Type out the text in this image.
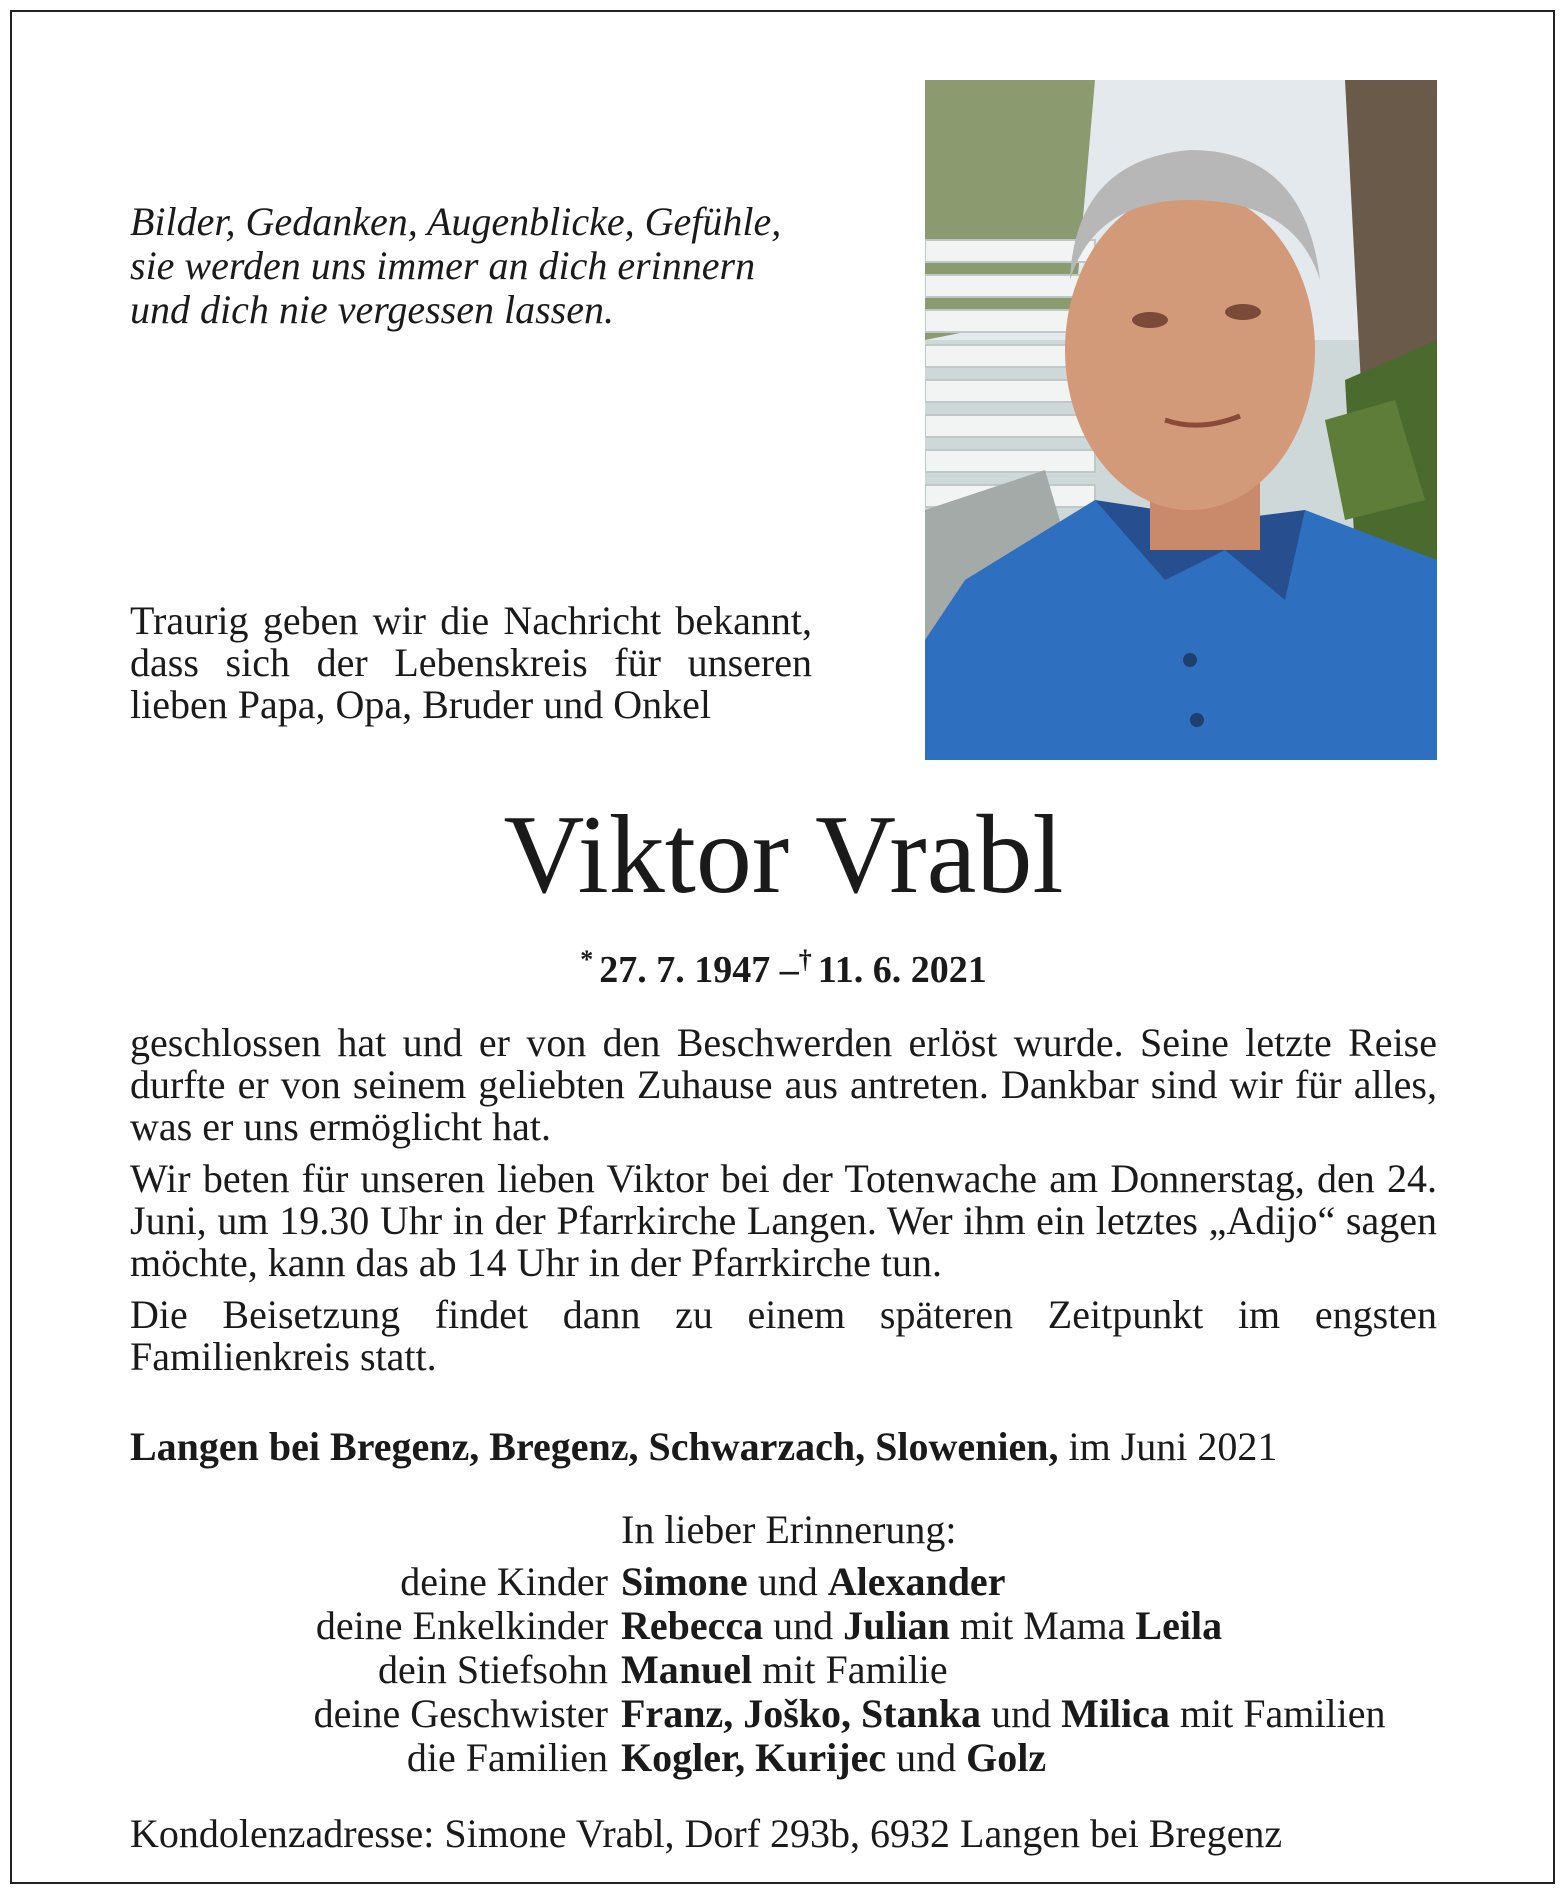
Bilder, Gedanken, Augenblicke, Gefühle,
sie werden uns immer an dich erinnern
und dich nie vergessen lassen.

Traurig geben wir die Nachricht bekannt, dass sich der Lebenskreis für unseren lieben Papa, Opa, Bruder und Onkel

Viktor Vrabl
* 27. 7. 1947 –† 11. 6. 2021

geschlossen hat und er von den Beschwerden erlöst wurde. Seine letzte Reise durfte er von seinem geliebten Zuhause aus antreten. Dankbar sind wir für alles, was er uns ermöglicht hat.

Wir beten für unseren lieben Viktor bei der Totenwache am Donnerstag, den 24. Juni, um 19.30 Uhr in der Pfarrkirche Langen. Wer ihm ein letztes „Adijo“ sagen möchte, kann das ab 14 Uhr in der Pfarrkirche tun.

Die Beisetzung findet dann zu einem späteren Zeitpunkt im engsten Familienkreis statt.

Langen bei Bregenz, Bregenz, Schwarzach, Slowenien, im Juni 2021
In lieber Erinnerung:
deine Kinder Simone und Alexander
deine Enkelkinder Rebecca und Julian mit Mama Leila
dein Stiefsohn Manuel mit Familie
deine Geschwister Franz, Joško, Stanka und Milica mit Familien
die Familien Kogler, Kurijec und Golz
Kondolenzadresse: Simone Vrabl, Dorf 293b, 6932 Langen bei Bregenz
